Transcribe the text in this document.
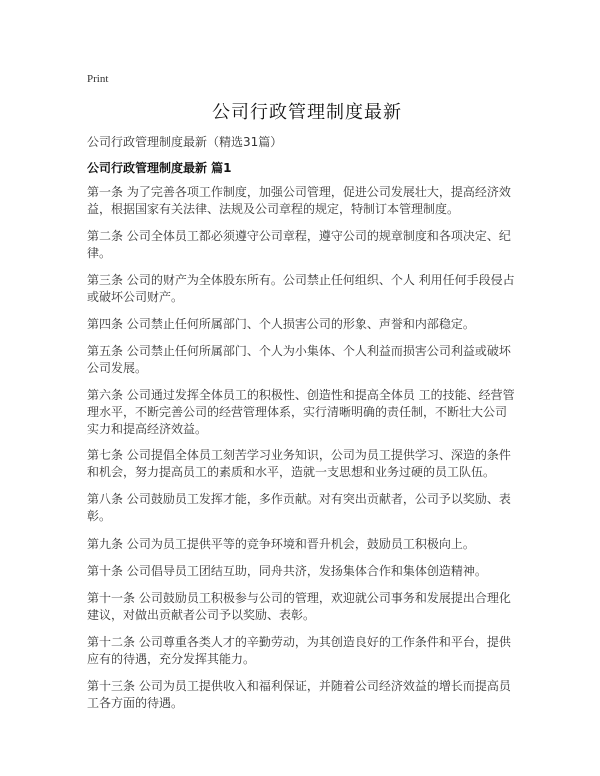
Print
公司行政管理制度最新
公司行政管理制度最新（精选31篇）
公司行政管理制度最新 篇1

第一条 为了完善各项工作制度，加强公司管理，促进公司发展壮大，提高经济效益，根据国家有关法律、法规及公司章程的规定，特制订本管理制度。

第二条 公司全体员工都必须遵守公司章程，遵守公司的规章制度和各项决定、纪律。

第三条 公司的财产为全体股东所有。公司禁止任何组织、个人 利用任何手段侵占或破坏公司财产。

第四条 公司禁止任何所属部门、个人损害公司的形象、声誉和内部稳定。

第五条 公司禁止任何所属部门、个人为小集体、个人利益而损害公司利益或破坏公司发展。

第六条 公司通过发挥全体员工的积极性、创造性和提高全体员 工的技能、经营管理水平，不断完善公司的经营管理体系，实行清晰明确的责任制，不断壮大公司实力和提高经济效益。

第七条 公司提倡全体员工刻苦学习业务知识，公司为员工提供学习、深造的条件和机会，努力提高员工的素质和水平，造就一支思想和业务过硬的员工队伍。

第八条 公司鼓励员工发挥才能，多作贡献。对有突出贡献者，公司予以奖励、表彰。

第九条 公司为员工提供平等的竞争环境和晋升机会，鼓励员工积极向上。

第十条 公司倡导员工团结互助，同舟共济，发扬集体合作和集体创造精神。

第十一条 公司鼓励员工积极参与公司的管理，欢迎就公司事务和发展提出合理化建议，对做出贡献者公司予以奖励、表彰。

第十二条 公司尊重各类人才的辛勤劳动，为其创造良好的工作条件和平台，提供应有的待遇，充分发挥其能力。

第十三条 公司为员工提供收入和福利保证，并随着公司经济效益的增长而提高员工各方面的待遇。
